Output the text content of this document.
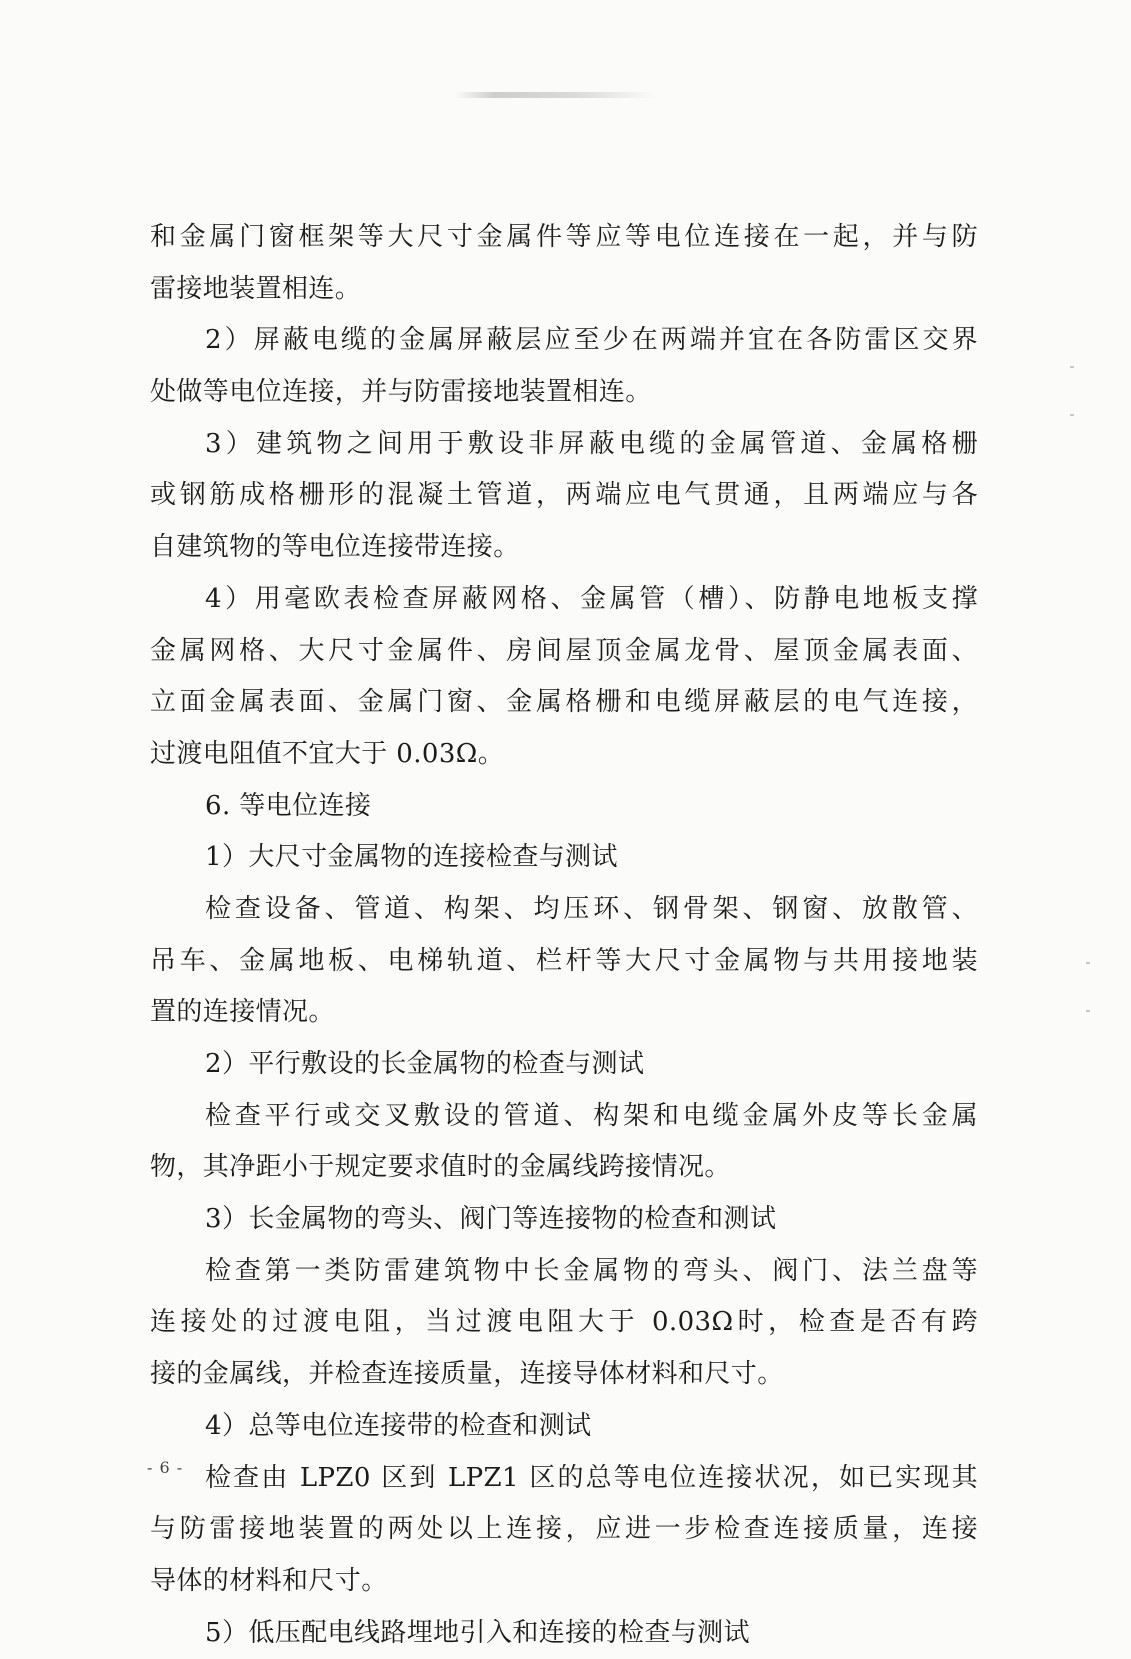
和金属门窗框架等大尺寸金属件等应等电位连接在一起，并与防
雷接地装置相连。
2）屏蔽电缆的金属屏蔽层应至少在两端并宜在各防雷区交界
处做等电位连接，并与防雷接地装置相连。
3）建筑物之间用于敷设非屏蔽电缆的金属管道、金属格栅
或钢筋成格栅形的混凝土管道，两端应电气贯通，且两端应与各
自建筑物的等电位连接带连接。
4）用毫欧表检查屏蔽网格、金属管（槽）、防静电地板支撑
金属网格、大尺寸金属件、房间屋顶金属龙骨、屋顶金属表面、
立面金属表面、金属门窗、金属格栅和电缆屏蔽层的电气连接，
过渡电阻值不宜大于 0.03Ω。
6. 等电位连接
1）大尺寸金属物的连接检查与测试
检查设备、管道、构架、均压环、钢骨架、钢窗、放散管、
吊车、金属地板、电梯轨道、栏杆等大尺寸金属物与共用接地装
置的连接情况。
2）平行敷设的长金属物的检查与测试
检查平行或交叉敷设的管道、构架和电缆金属外皮等长金属
物，其净距小于规定要求值时的金属线跨接情况。
3）长金属物的弯头、阀门等连接物的检查和测试
检查第一类防雷建筑物中长金属物的弯头、阀门、法兰盘等
连接处的过渡电阻，当过渡电阻大于 0.03Ω时，检查是否有跨
接的金属线，并检查连接质量，连接导体材料和尺寸。
4）总等电位连接带的检查和测试
检查由 LPZ0 区到 LPZ1 区的总等电位连接状况，如已实现其
与防雷接地装置的两处以上连接，应进一步检查连接质量，连接
导体的材料和尺寸。
5）低压配电线路埋地引入和连接的检查与测试
- 6 -
